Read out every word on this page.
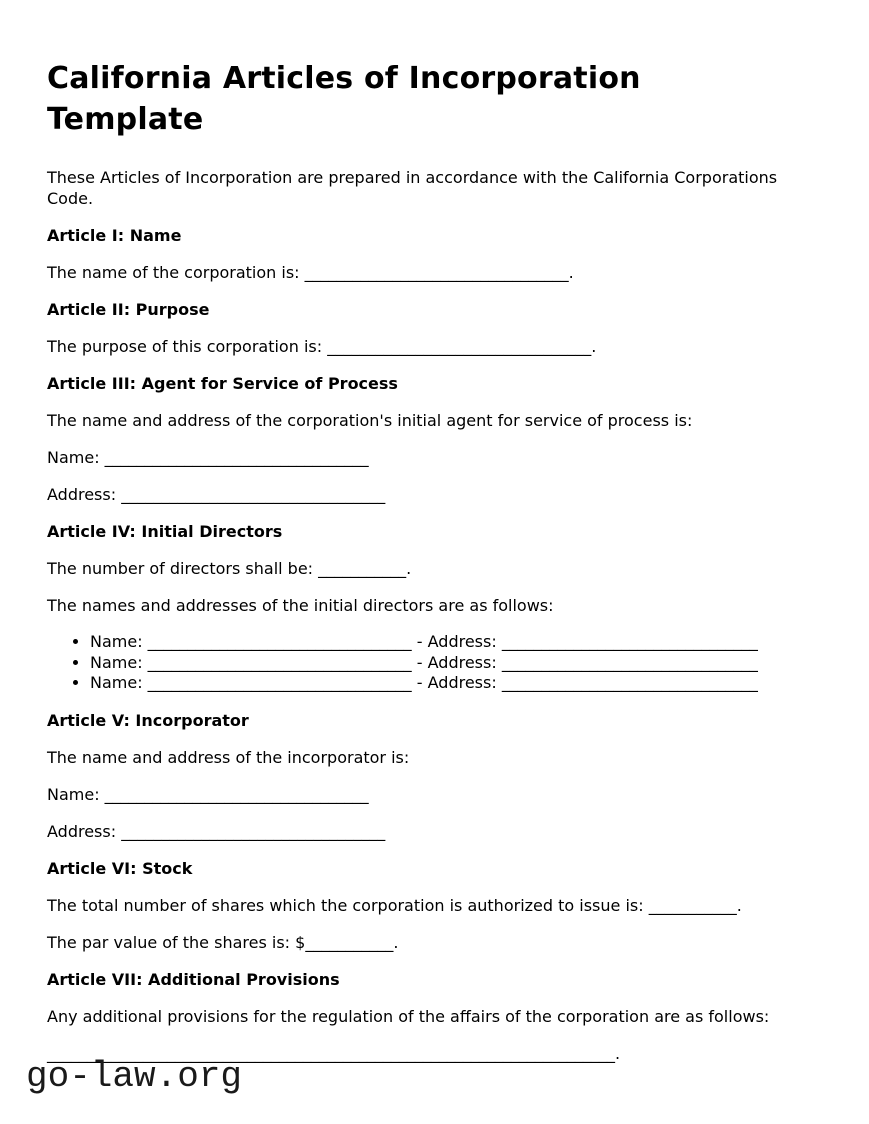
California Articles of Incorporation
Template

These Articles of Incorporation are prepared in accordance with the California Corporations Code.

Article I: Name

The name of the corporation is: _________________________________.

Article II: Purpose

The purpose of this corporation is: _________________________________.

Article III: Agent for Service of Process

The name and address of the corporation's initial agent for service of process is:

Name: _________________________________

Address: _________________________________

Article IV: Initial Directors

The number of directors shall be: ___________.

The names and addresses of the initial directors are as follows:

• Name: _________________________________ - Address: ________________________________
• Name: _________________________________ - Address: ________________________________
• Name: _________________________________ - Address: ________________________________
Article V: Incorporator

The name and address of the incorporator is:

Name: _________________________________

Address: _________________________________

Article VI: Stock

The total number of shares which the corporation is authorized to issue is: ___________.

The par value of the shares is: $___________.

Article VII: Additional Provisions

Any additional provisions for the regulation of the affairs of the corporation are as follows:

_______________________________________________________________________.

go-law.org
